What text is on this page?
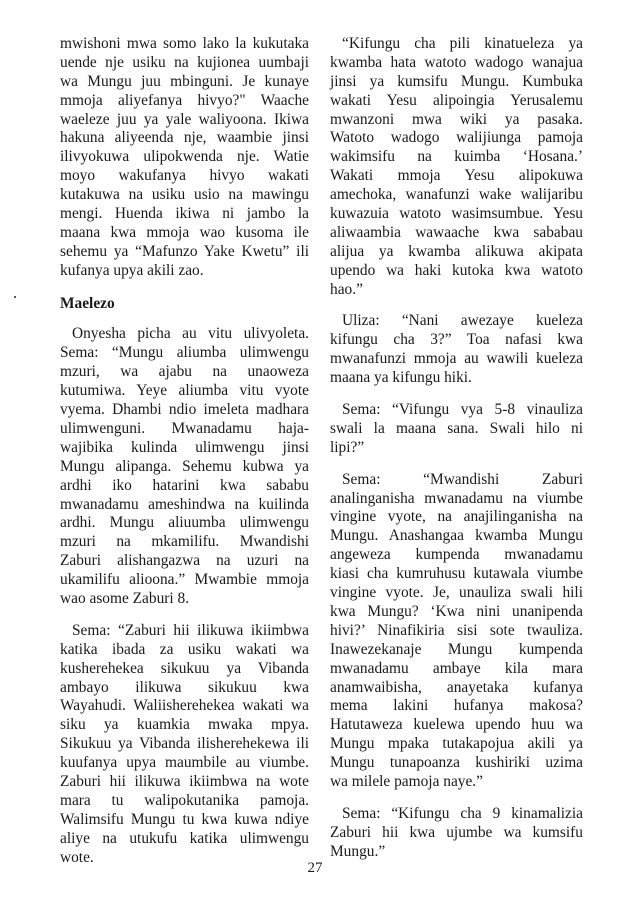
mwishoni mwa somo lako la kukutaka
uende nje usiku na kujionea uumbaji
wa Mungu juu mbinguni. Je kunaye
mmoja aliyefanya hivyo?" Waache
waeleze juu ya yale waliyoona. Ikiwa
hakuna aliyeenda nje, waambie jinsi
ilivyokuwa ulipokwenda nje. Watie
moyo wakufanya hivyo wakati
kutakuwa na usiku usio na mawingu
mengi. Huenda ikiwa ni jambo la
maana kwa mmoja wao kusoma ile
sehemu ya “Mafunzo Yake Kwetu” ili
kufanya upya akili zao.
Maelezo
Onyesha picha au vitu ulivyoleta.
Sema: “Mungu aliumba ulimwengu
mzuri, wa ajabu na unaoweza
kutumiwa. Yeye aliumba vitu vyote
vyema. Dhambi ndio imeleta madhara
ulimwenguni. Mwanadamu haja-
wajibika kulinda ulimwengu jinsi
Mungu alipanga. Sehemu kubwa ya
ardhi iko hatarini kwa sababu
mwanadamu ameshindwa na kuilinda
ardhi. Mungu aliuumba ulimwengu
mzuri na mkamilifu. Mwandishi
Zaburi alishangazwa na uzuri na
ukamilifu alioona.” Mwambie mmoja
wao asome Zaburi 8.
Sema: “Zaburi hii ilikuwa ikiimbwa
katika ibada za usiku wakati wa
kusherehekea sikukuu ya Vibanda
ambayo ilikuwa sikukuu kwa
Wayahudi. Waliisherehekea wakati wa
siku ya kuamkia mwaka mpya.
Sikukuu ya Vibanda ilisherehekewa ili
kuufanya upya maumbile au viumbe.
Zaburi hii ilikuwa ikiimbwa na wote
mara tu walipokutanika pamoja.
Walimsifu Mungu tu kwa kuwa ndiye
aliye na utukufu katika ulimwengu
wote.
“Kifungu cha pili kinatueleza ya
kwamba hata watoto wadogo wanajua
jinsi ya kumsifu Mungu. Kumbuka
wakati Yesu alipoingia Yerusalemu
mwanzoni mwa wiki ya pasaka.
Watoto wadogo walijiunga pamoja
wakimsifu na kuimba ‘Hosana.’
Wakati mmoja Yesu alipokuwa
amechoka, wanafunzi wake walijaribu
kuwazuia watoto wasimsumbue. Yesu
aliwaambia wawaache kwa sababau
alijua ya kwamba alikuwa akipata
upendo wa haki kutoka kwa watoto
hao.”
Uliza: “Nani awezaye kueleza
kifungu cha 3?” Toa nafasi kwa
mwanafunzi mmoja au wawili kueleza
maana ya kifungu hiki.
Sema: “Vifungu vya 5-8 vinauliza
swali la maana sana. Swali hilo ni
lipi?”
Sema: “Mwandishi Zaburi
analinganisha mwanadamu na viumbe
vingine vyote, na anajilinganisha na
Mungu. Anashangaa kwamba Mungu
angeweza kumpenda mwanadamu
kiasi cha kumruhusu kutawala viumbe
vingine vyote. Je, unauliza swali hili
kwa Mungu? ‘Kwa nini unanipenda
hivi?’ Ninafikiria sisi sote twauliza.
Inawezekanaje Mungu kumpenda
mwanadamu ambaye kila mara
anamwaibisha, anayetaka kufanya
mema lakini hufanya makosa?
Hatutaweza kuelewa upendo huu wa
Mungu mpaka tutakapojua akili ya
Mungu tunapoanza kushiriki uzima
wa milele pamoja naye.”
Sema: “Kifungu cha 9 kinamalizia
Zaburi hii kwa ujumbe wa kumsifu
Mungu.”
27
